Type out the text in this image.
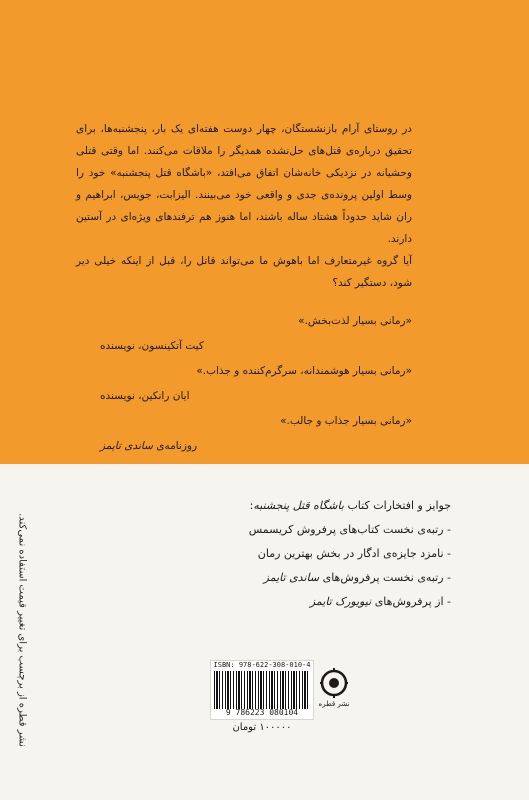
در روستای آرام بازنشستگان، چهار دوست هفته‌ای یک بار، پنجشنبه‌ها، برای تحقیق درباره‌ی قتل‌های حل‌نشده همدیگر را ملاقات می‌کنند. اما وقتی قتلی وحشیانه در نزدیکی خانه‌شان اتفاق می‌افتد، «باشگاه قتل پنجشنبه» خود را وسط اولین پرونده‌ی جدی و واقعی خود می‌بینند. الیزابت، جویس، ابراهیم و ران شاید حدوداً هشتاد ساله باشند، اما هنوز هم ترفندهای ویژه‌ای در آستین دارند.

آیا گروه غیرمتعارف اما باهوش ما می‌تواند قاتل را، قبل از اینکه خیلی دیر شود، دستگیر کند؟

«رمانی بسیار لذت‌بخش.»
کیت آتکینسون، نویسنده
«رمانی بسیار هوشمندانه، سرگرم‌کننده و جذاب.»
ایان رانکین، نویسنده
«رمانی بسیار جذاب و جالب.»
روزنامه‌ی ساندی تایمز
جوایز و افتخارات کتاب باشگاه قتل پنجشنبه:
- رتبه‌ی نخست کتاب‌های پرفروش کریسمس
- نامزد جایزه‌ی ادگار در بخش بهترین رمان
- رتبه‌ی نخست پرفروش‌های ساندی تایمز
- از پرفروش‌های نیویورک تایمز
نشر قطره از برچسب برای تغییر قیمت استفاده نمی‌کند.	ISBN: 978-622-308-010-4
9 786223 080104
نشر قطره
۱۰۰۰۰۰ تومان
